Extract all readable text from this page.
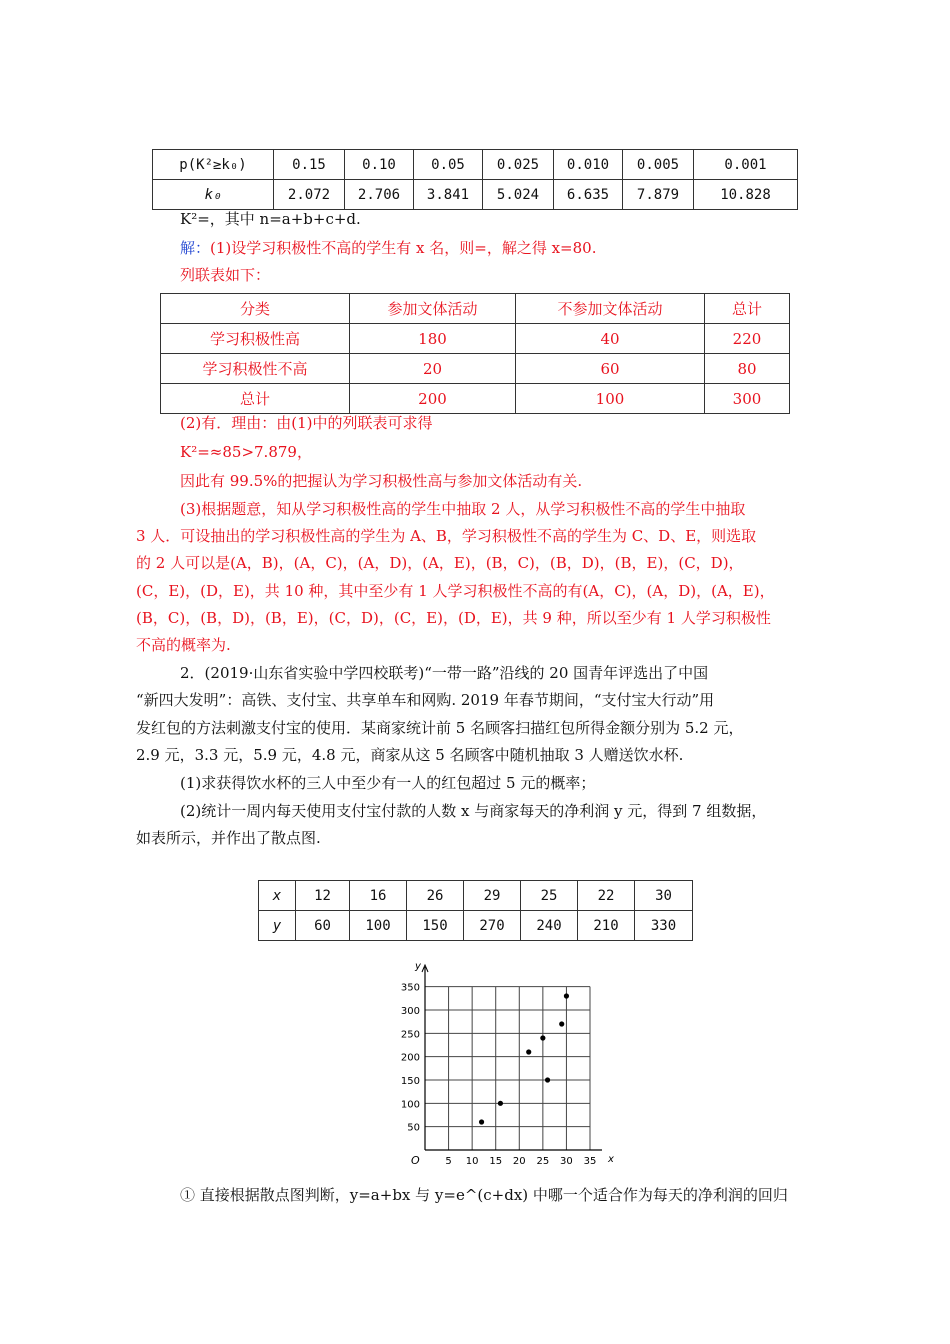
p(K²≥k₀)	0.15	0.10	0.05	0.025	0.010	0.005	0.001
k₀	2.072	2.706	3.841	5.024	6.635	7.879	10.828
K²=，其中 n=a+b+c+d.
解：(1)设学习积极性不高的学生有 x 名，则=，解之得 x=80.
列联表如下：
分类	参加文体活动	不参加文体活动	总计
学习积极性高	180	40	220
学习积极性不高	20	60	80
总计	200	100	300
(2)有．理由：由(1)中的列联表可求得
K²=≈85>7.879，
因此有 99.5%的把握认为学习积极性高与参加文体活动有关.
(3)根据题意，知从学习积极性高的学生中抽取 2 人，从学习积极性不高的学生中抽取
3 人．可设抽出的学习积极性高的学生为 A、B，学习积极性不高的学生为 C、D、E，则选取
的 2 人可以是(A，B)，(A，C)，(A，D)，(A，E)，(B，C)，(B，D)，(B，E)，(C，D)，
(C，E)，(D，E)，共 10 种，其中至少有 1 人学习积极性不高的有(A，C)，(A，D)，(A，E)，
(B，C)，(B，D)，(B，E)，(C，D)，(C，E)，(D，E)，共 9 种，所以至少有 1 人学习积极性
不高的概率为.
2．(2019·山东省实验中学四校联考)“一带一路”沿线的 20 国青年评选出了中国
“新四大发明”：高铁、支付宝、共享单车和网购. 2019 年春节期间，“支付宝大行动”用
发红包的方法刺激支付宝的使用．某商家统计前 5 名顾客扫描红包所得金额分别为 5.2 元，
2.9 元，3.3 元，5.9 元，4.8 元，商家从这 5 名顾客中随机抽取 3 人赠送饮水杯.
(1)求获得饮水杯的三人中至少有一人的红包超过 5 元的概率；
(2)统计一周内每天使用支付宝付款的人数 x 与商家每天的净利润 y 元，得到 7 组数据，
如表所示，并作出了散点图.
x	12	16	26	29	25	22	30
y	60	100	150	270	240	210	330
5 10 15 20 25 30 35
50
100
150
200
250
300
350
O	x
y
① 直接根据散点图判断，y=a+bx 与 y=e^(c+dx) 中哪一个适合作为每天的净利润的回归
